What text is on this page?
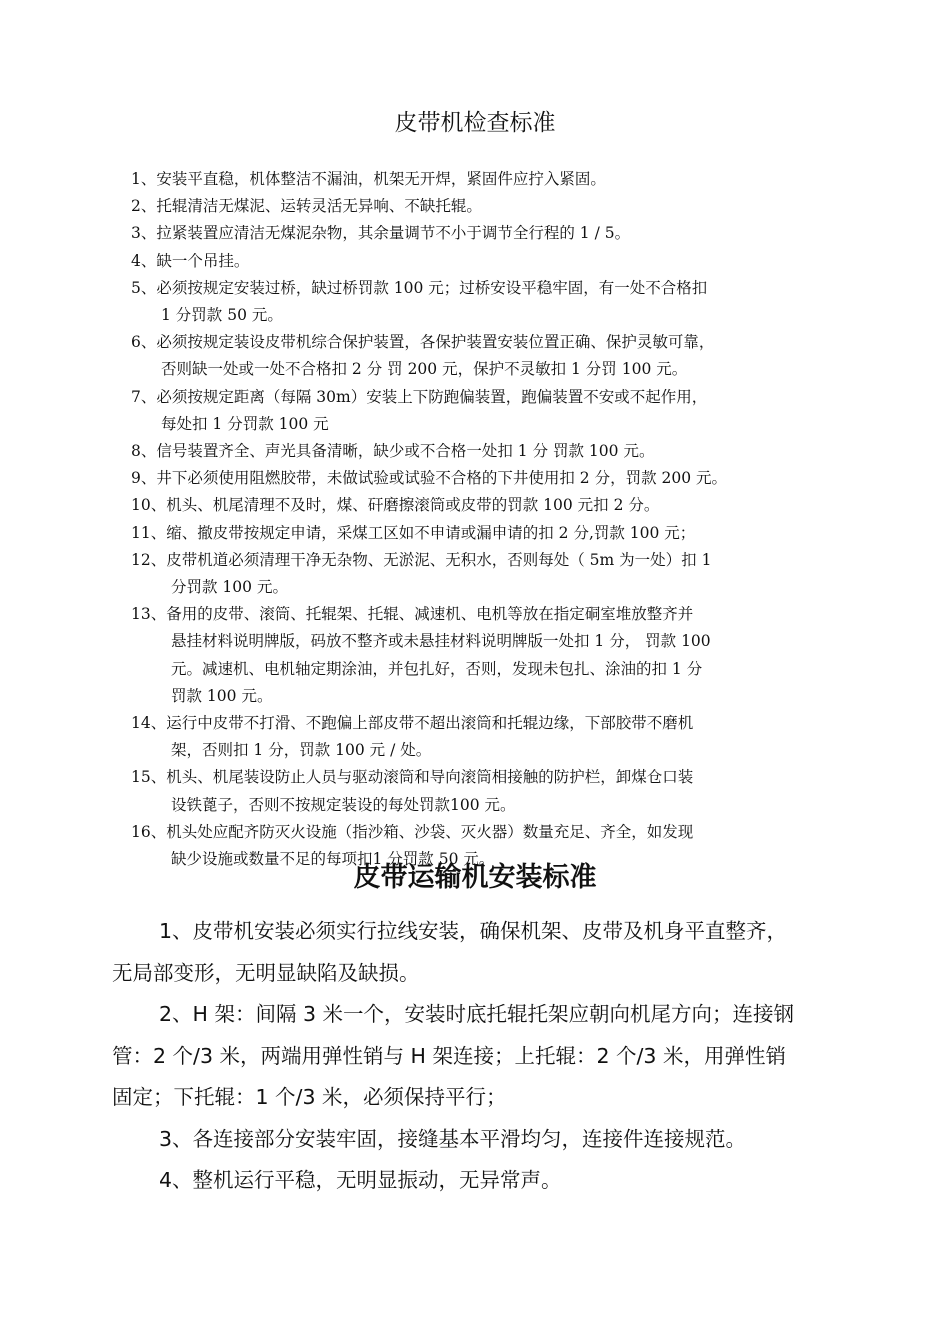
皮带机检查标准
1、安装平直稳，机体整洁不漏油，机架无开焊，紧固件应拧入紧固。
2、托辊清洁无煤泥、运转灵活无异响、不缺托辊。
3、拉紧装置应清洁无煤泥杂物，其余量调节不小于调节全行程的 1 / 5。
4、缺一个吊挂。
5、必须按规定安装过桥，缺过桥罚款 100 元；过桥安设平稳牢固，有一处不合格扣
1 分罚款 50 元。
6、必须按规定装设皮带机综合保护装置，各保护装置安装位置正确、保护灵敏可靠，
否则缺一处或一处不合格扣 2 分 罚 200 元，保护不灵敏扣 1 分罚 100 元。
7、必须按规定距离（每隔 30m）安装上下防跑偏装置，跑偏装置不安或不起作用，
每处扣 1 分罚款 100 元
8、信号装置齐全、声光具备清晰，缺少或不合格一处扣 1 分 罚款 100 元。
9、井下必须使用阻燃胶带，未做试验或试验不合格的下井使用扣 2 分，罚款 200 元。
10、机头、机尾清理不及时，煤、矸磨擦滚筒或皮带的罚款 100 元扣 2 分。
11、缩、撤皮带按规定申请，采煤工区如不申请或漏申请的扣 2 分,罚款 100 元；
12、皮带机道必须清理干净无杂物、无淤泥、无积水，否则每处（ 5m 为一处）扣 1
分罚款 100 元。
13、备用的皮带、滚筒、托辊架、托辊、减速机、电机等放在指定硐室堆放整齐并
悬挂材料说明牌版，码放不整齐或未悬挂材料说明牌版一处扣 1 分， 罚款 100
元。减速机、电机轴定期涂油，并包扎好，否则，发现未包扎、涂油的扣 1 分
罚款 100 元。
14、运行中皮带不打滑、不跑偏上部皮带不超出滚筒和托辊边缘，下部胶带不磨机
架，否则扣 1 分，罚款 100 元 / 处。
15、机头、机尾装设防止人员与驱动滚筒和导向滚筒相接触的防护栏，卸煤仓口装
设铁蓖子，否则不按规定装设的每处罚款100 元。
16、机头处应配齐防灭火设施（指沙箱、沙袋、灭火器）数量充足、齐全，如发现
缺少设施或数量不足的每项扣1 分罚款 50 元。
皮带运输机安装标准

1、皮带机安装必须实行拉线安装，确保机架、皮带及机身平直整齐，

无局部变形，无明显缺陷及缺损。

2、H 架：间隔 3 米一个，安装时底托辊托架应朝向机尾方向；连接钢

管：2 个/3 米，两端用弹性销与 H 架连接；上托辊：2 个/3 米，用弹性销

固定；下托辊：1 个/3 米，必须保持平行；

3、各连接部分安装牢固，接缝基本平滑均匀，连接件连接规范。

4、整机运行平稳，无明显振动，无异常声。
